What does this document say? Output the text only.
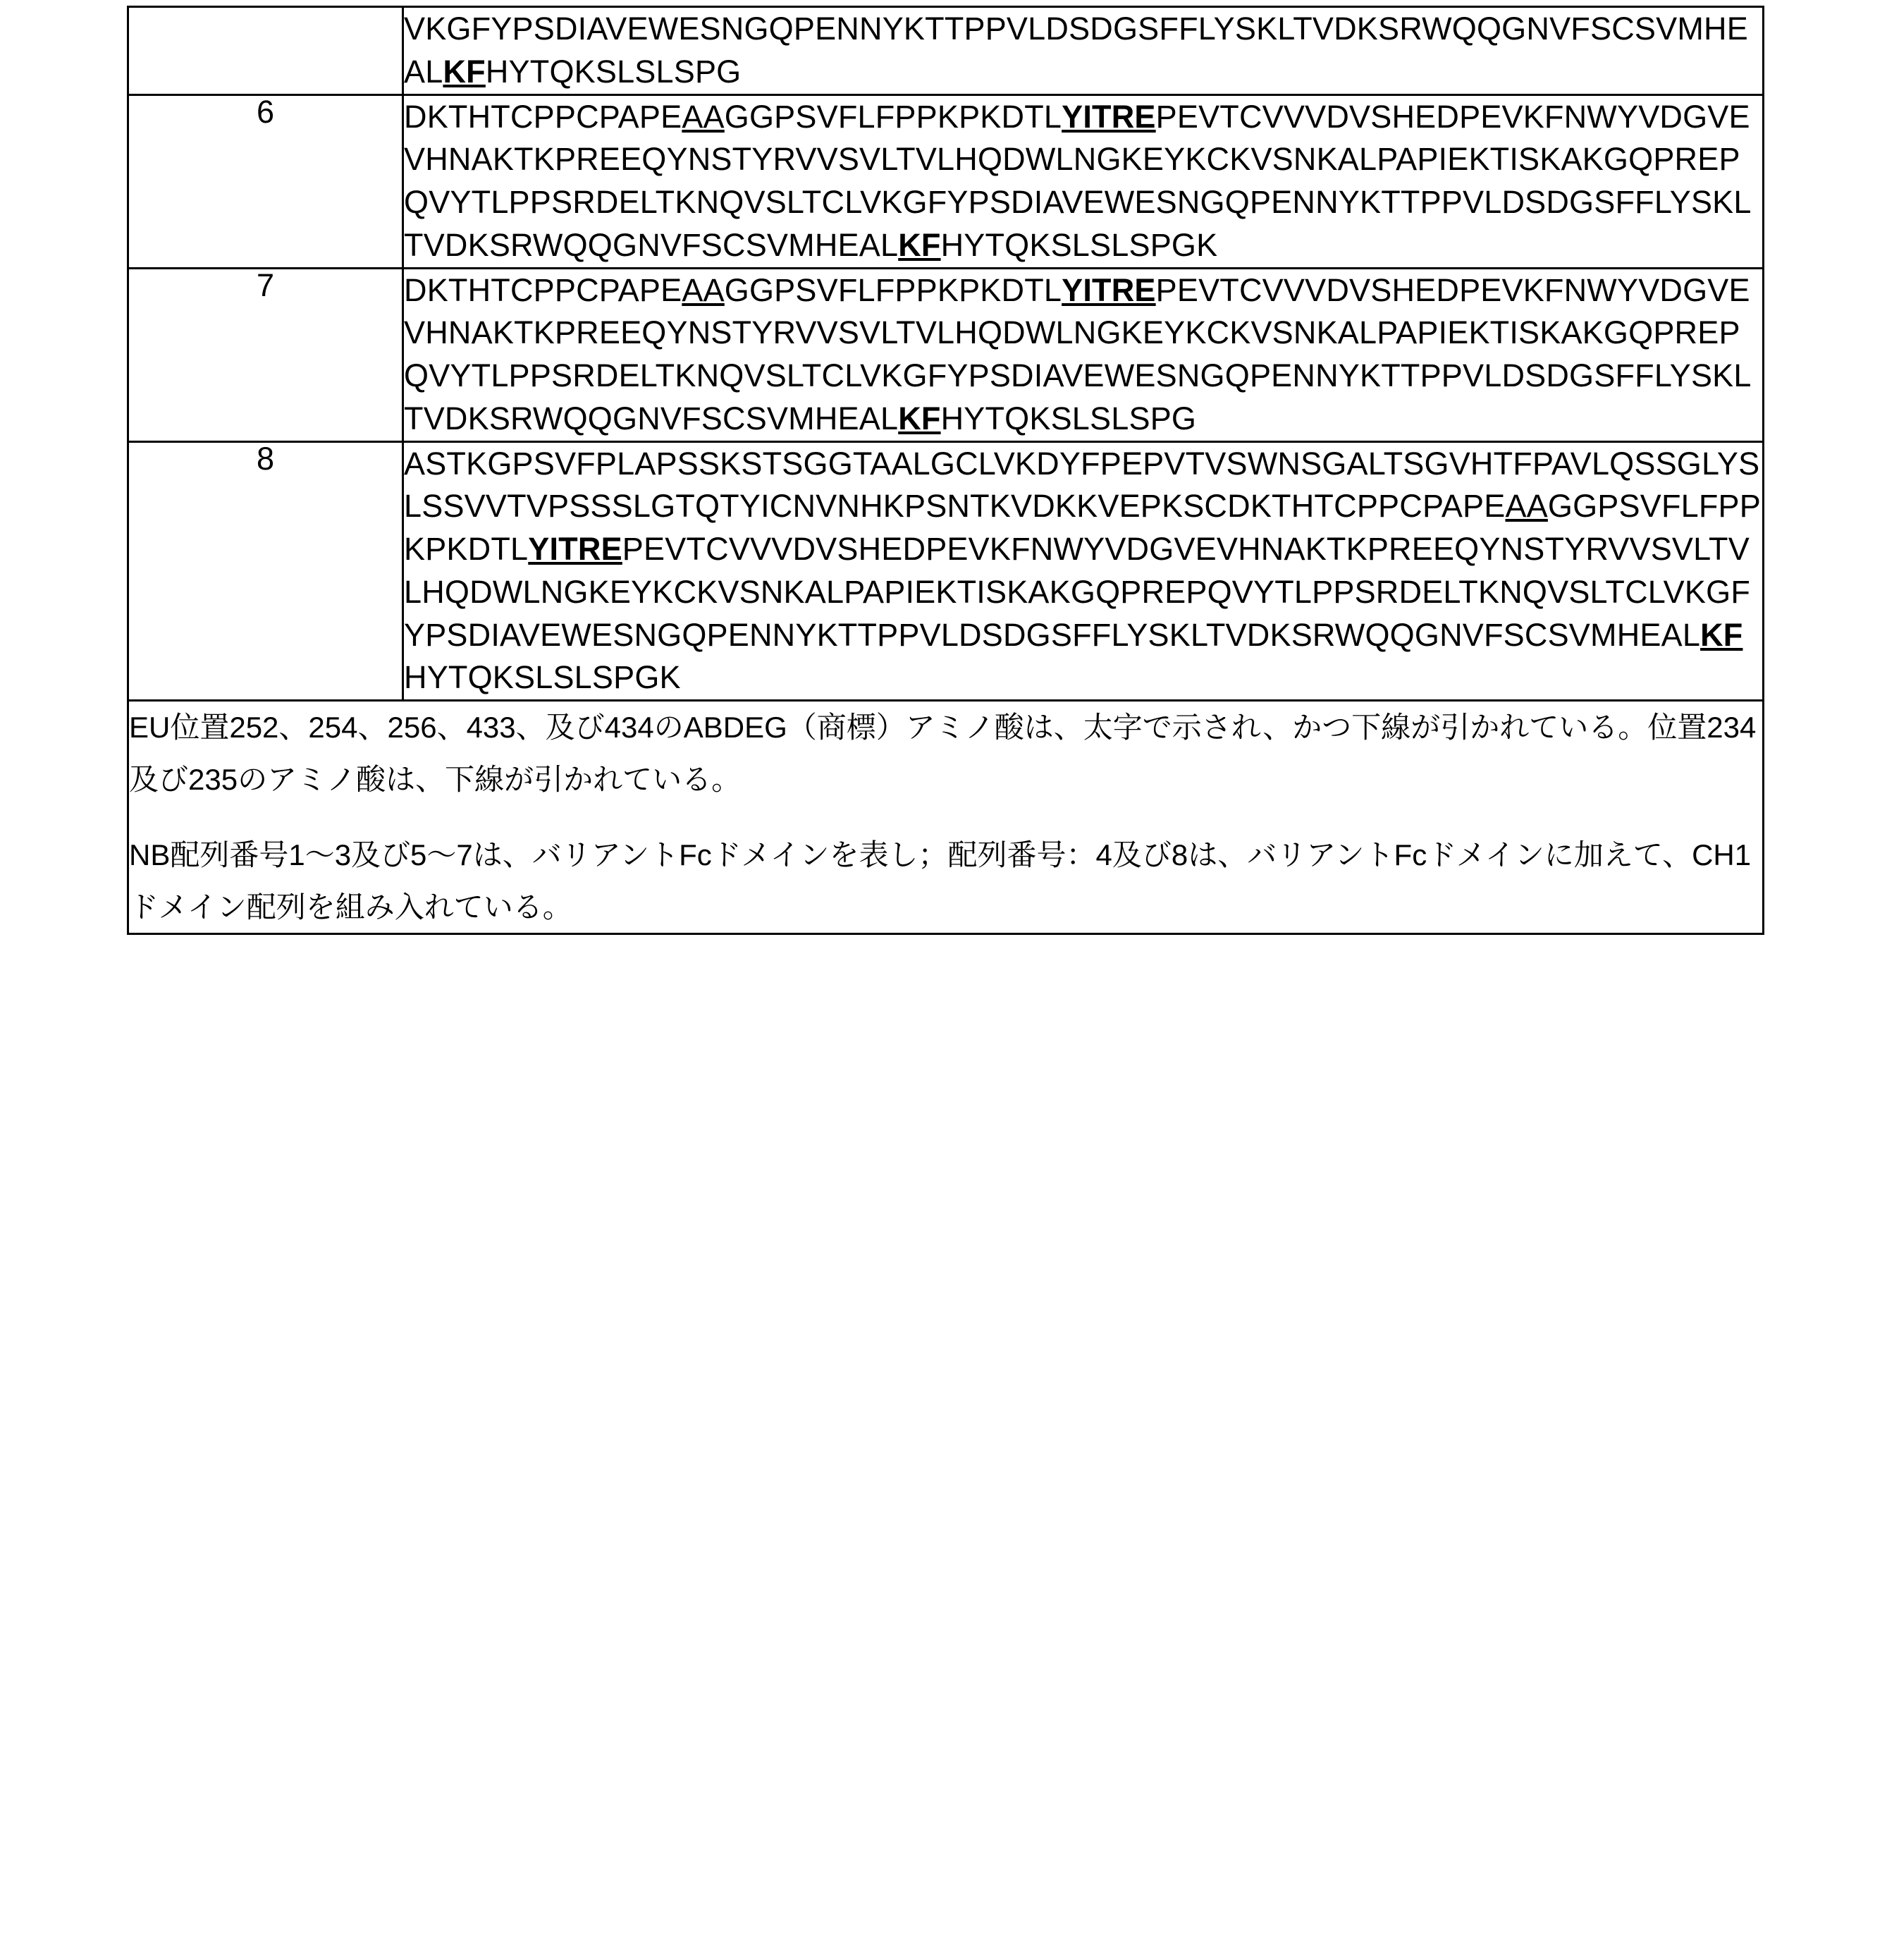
	VKGFYPSDIAVEWESNGQPENNYKTTPPVLDSDGSFFLYSKLTVDKSRWQQGNVFSCSVMHEALKFHYTQKSLSLSPG
6	DKTHTCPPCPAPEAAGGPSVFLFPPKPKDTLYITREPEVTCVVVDVSHEDPEVKFNWYVDGVEVHNAKTKPREEQYNSTYRVVSVLTVLHQDWLNGKEYKCKVSNKALPAPIEKTISKAKGQPREPQVYTLPPSRDELTKNQVSLTCLVKGFYPSDIAVEWESNGQPENNYKTTPPVLDSDGSFFLYSKLTVDKSRWQQGNVFSCSVMHEALKFHYTQKSLSLSPGK
7	DKTHTCPPCPAPEAAGGPSVFLFPPKPKDTLYITREPEVTCVVVDVSHEDPEVKFNWYVDGVEVHNAKTKPREEQYNSTYRVVSVLTVLHQDWLNGKEYKCKVSNKALPAPIEKTISKAKGQPREPQVYTLPPSRDELTKNQVSLTCLVKGFYPSDIAVEWESNGQPENNYKTTPPVLDSDGSFFLYSKLTVDKSRWQQGNVFSCSVMHEALKFHYTQKSLSLSPG
8	ASTKGPSVFPLAPSSKSTSGGTAALGCLVKDYFPEPVTVSWNSGALTSGVHTFPAVLQSSGLYSLSSVVTVPSSSLGTQTYICNVNHKPSNTKVDKKVEPKSCDKTHTCPPCPAPEAAGGPSVFLFPPKPKDTLYITREPEVTCVVVDVSHEDPEVKFNWYVDGVEVHNAKTKPREEQYNSTYRVVSVLTVLHQDWLNGKEYKCKVSNKALPAPIEKTISKAKGQPREPQVYTLPPSRDELTKNQVSLTCLVKGFYPSDIAVEWESNGQPENNYKTTPPVLDSDGSFFLYSKLTVDKSRWQQGNVFSCSVMHEALKFHYTQKSLSLSPGK

EU位置252、254、256、433、及び434のABDEG（商標）アミノ酸は、太字で示され、かつ下線が引かれている。位置234及び235のアミノ酸は、下線が引かれている。

NB配列番号1〜3及び5〜7は、バリアントFcドメインを表し；配列番号：4及び8は、バリアントFcドメインに加えて、CH1ドメイン配列を組み入れている。	
